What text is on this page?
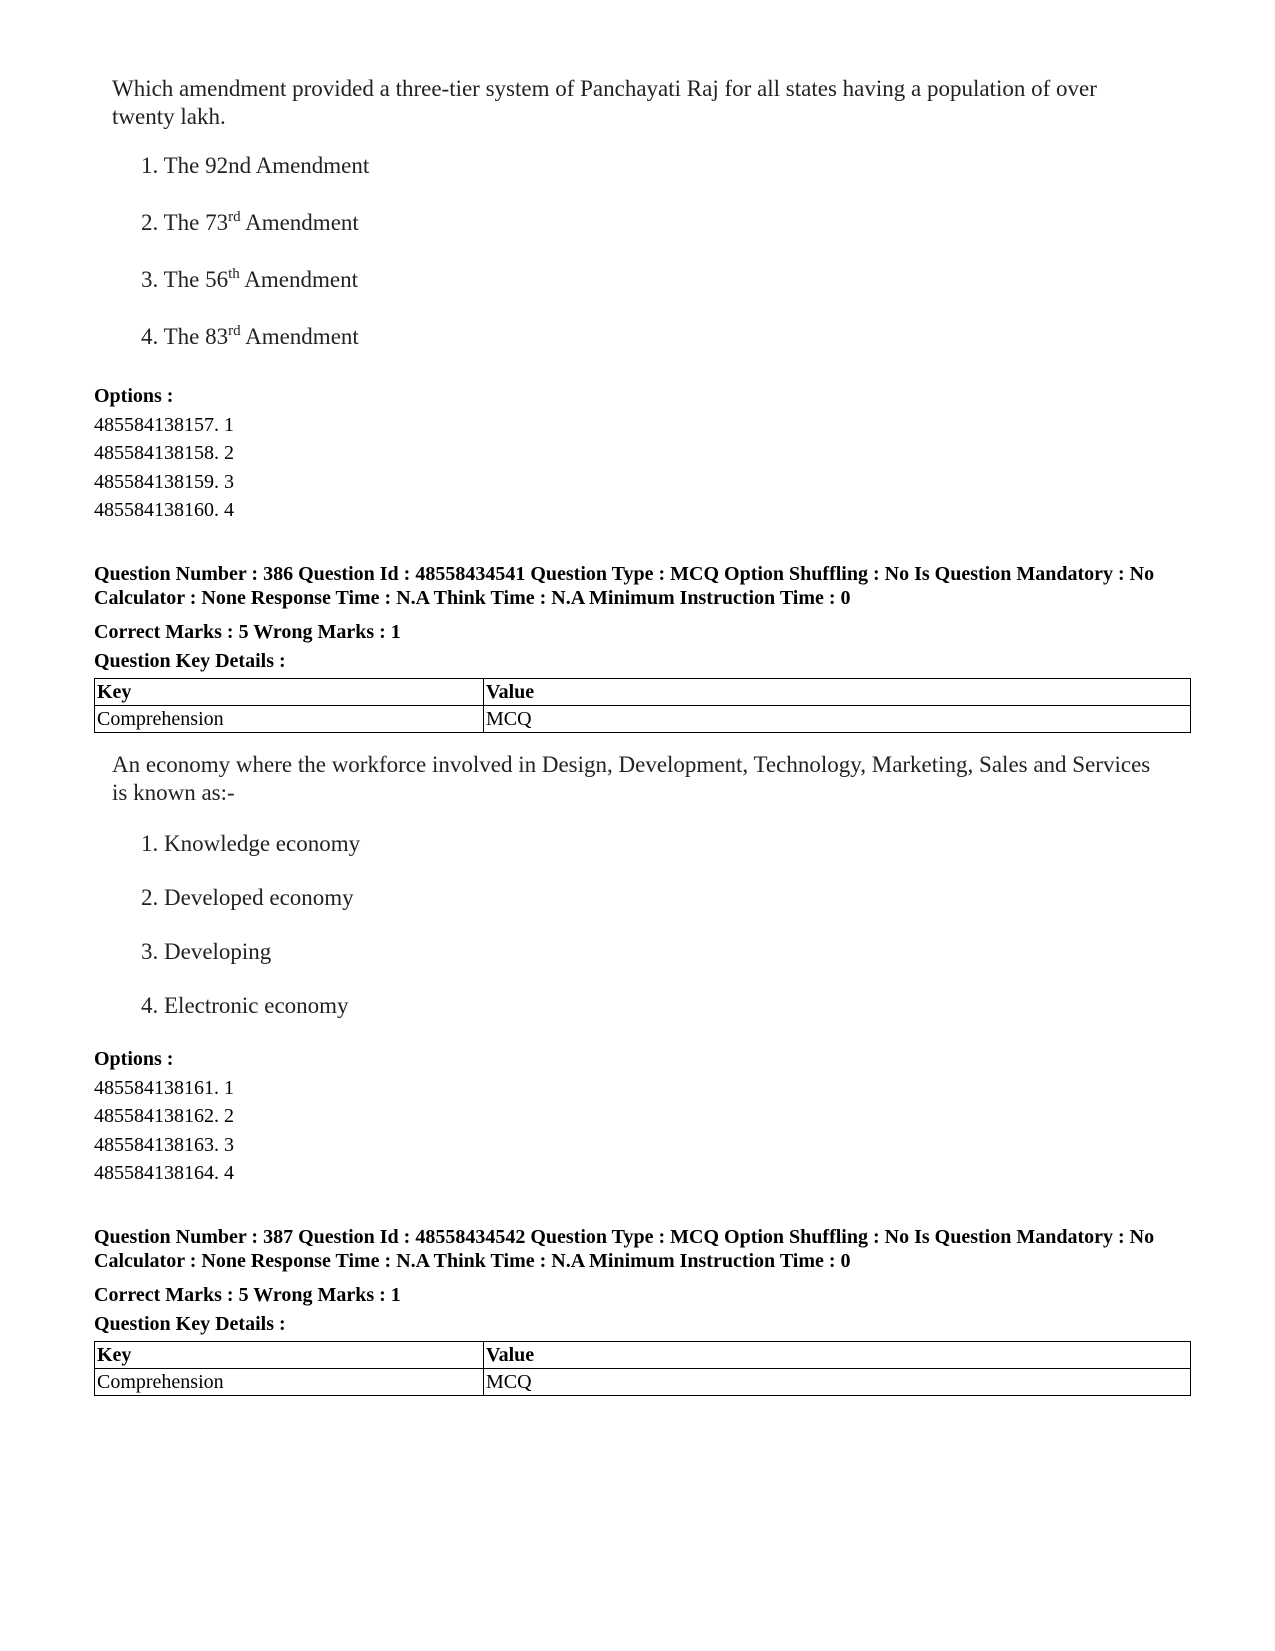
Which amendment provided a three-tier system of Panchayati Raj for all states having a population of over twenty lakh.
1. The 92nd Amendment
2. The 73rd Amendment
3. The 56th Amendment
4. The 83rd Amendment
Options :
485584138157. 1
485584138158. 2
485584138159. 3
485584138160. 4
Question Number : 386 Question Id : 48558434541 Question Type : MCQ Option Shuffling : No Is Question Mandatory : No Calculator : None Response Time : N.A Think Time : N.A Minimum Instruction Time : 0
Correct Marks : 5 Wrong Marks : 1
Question Key Details :
Key	Value
Comprehension	MCQ
An economy where the workforce involved in Design, Development, Technology, Marketing, Sales and Services is known as:-
1. Knowledge economy
2. Developed economy
3. Developing
4. Electronic economy
Options :
485584138161. 1
485584138162. 2
485584138163. 3
485584138164. 4
Question Number : 387 Question Id : 48558434542 Question Type : MCQ Option Shuffling : No Is Question Mandatory : No Calculator : None Response Time : N.A Think Time : N.A Minimum Instruction Time : 0
Correct Marks : 5 Wrong Marks : 1
Question Key Details :
Key	Value
Comprehension	MCQ
